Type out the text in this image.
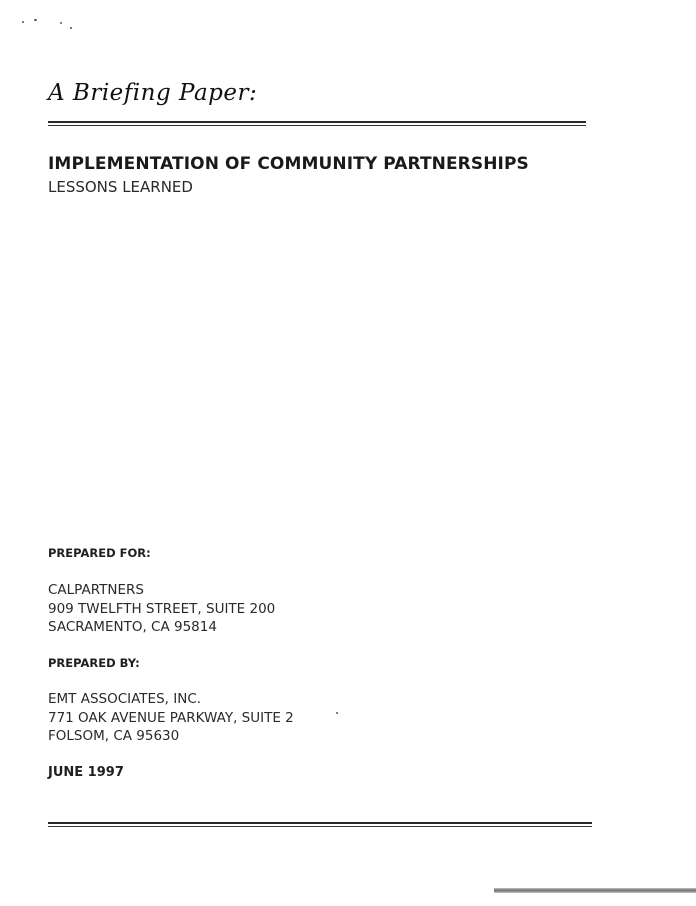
A Briefing Paper:
IMPLEMENTATION OF COMMUNITY PARTNERSHIPS
LESSONS LEARNED
PREPARED FOR:
CALPARTNERS
909 TWELFTH STREET, SUITE 200
SACRAMENTO, CA 95814
PREPARED BY:
EMT ASSOCIATES, INC.
771 OAK AVENUE PARKWAY, SUITE 2
FOLSOM, CA 95630
JUNE 1997
